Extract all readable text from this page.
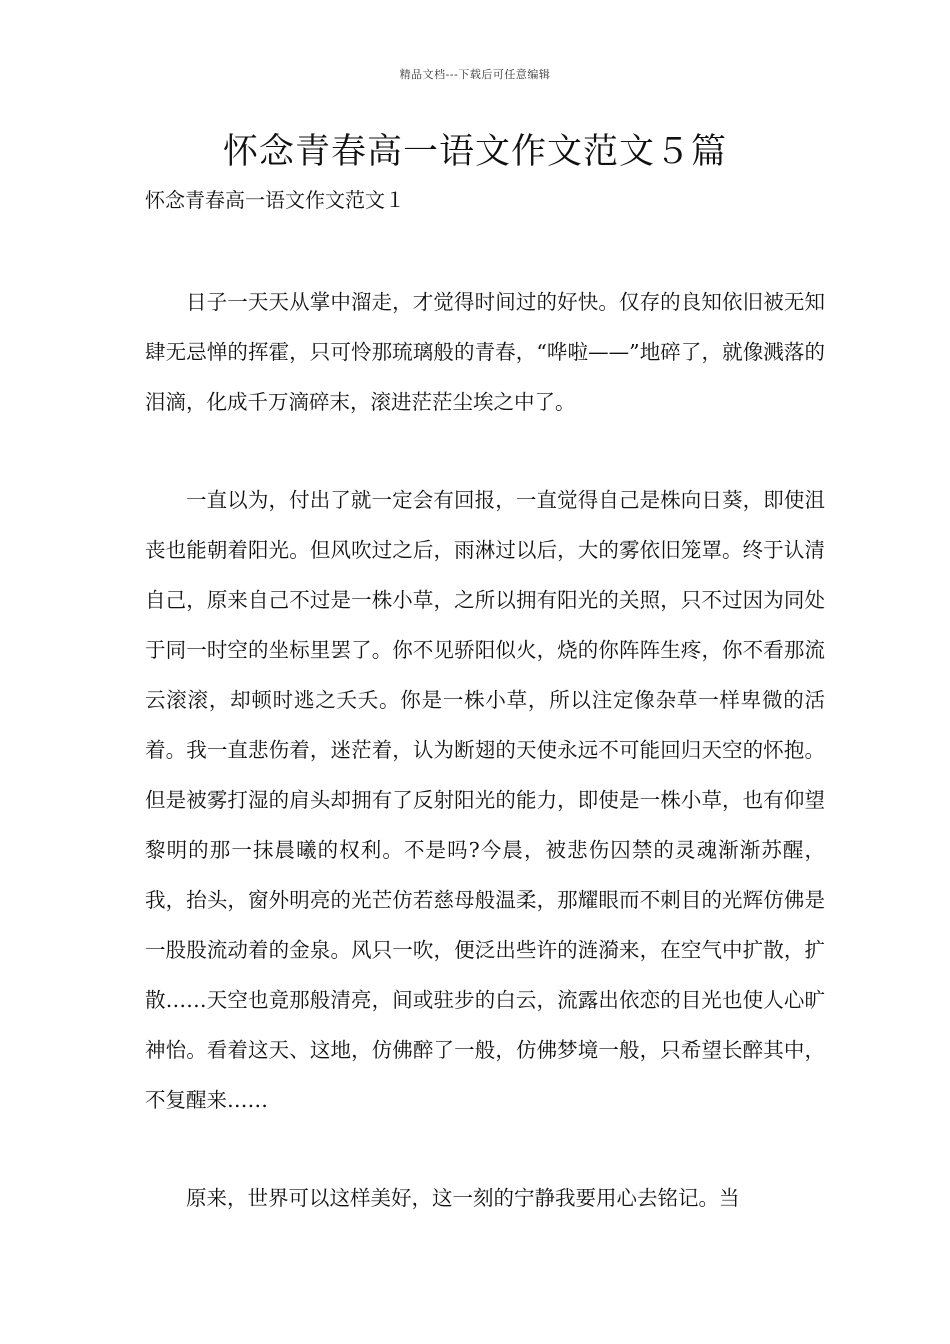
精品文档---下载后可任意编辑
怀念青春高一语文作文范文５篇
怀念青春高一语文作文范文１

日子一天天从掌中溜走，才觉得时间过的好快。仅存的良知依旧被无知肆无忌惮的挥霍，只可怜那琉璃般的青春，“哗啦——”地碎了，就像溅落的泪滴，化成千万滴碎末，滚进茫茫尘埃之中了。

一直以为，付出了就一定会有回报，一直觉得自己是株向日葵，即使沮丧也能朝着阳光。但风吹过之后，雨淋过以后，大的雾依旧笼罩。终于认清自己，原来自己不过是一株小草，之所以拥有阳光的关照，只不过因为同处于同一时空的坐标里罢了。你不见骄阳似火，烧的你阵阵生疼，你不看那流云滚滚，却顿时逃之夭夭。你是一株小草，所以注定像杂草一样卑微的活着。我一直悲伤着，迷茫着，认为断翅的天使永远不可能回归天空的怀抱。但是被雾打湿的肩头却拥有了反射阳光的能力，即使是一株小草，也有仰望黎明的那一抹晨曦的权利。不是吗?今晨，被悲伤囚禁的灵魂渐渐苏醒，我，抬头，窗外明亮的光芒仿若慈母般温柔，那耀眼而不刺目的光辉仿佛是一股股流动着的金泉。风只一吹，便泛出些许的涟漪来，在空气中扩散，扩散……天空也竟那般清亮，间或驻步的白云，流露出依恋的目光也使人心旷神怡。看着这天、这地，仿佛醉了一般，仿佛梦境一般，只希望长醉其中，不复醒来……

原来，世界可以这样美好，这一刻的宁静我要用心去铭记。当
